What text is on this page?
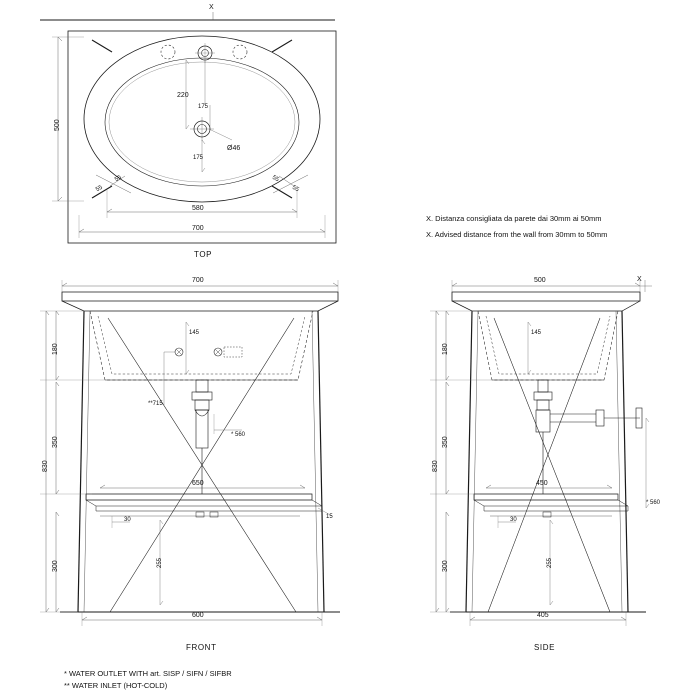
X
500
220
175
175
Ø46
55
55
55
55
580
700
TOP
X. Distanza consigliata da parete dai 30mm ai 50mm
X. Advised distance from the wall from 30mm to 50mm
700
180
350
830
300
145
**715
* 560
650
15
30
255
600
FRONT
500	X
180
350
830
300
145
* 560
450
30
255
405
SIDE
* WATER OUTLET WITH art. SISP / SIFN / SIFBR
** WATER INLET (HOT-COLD)
